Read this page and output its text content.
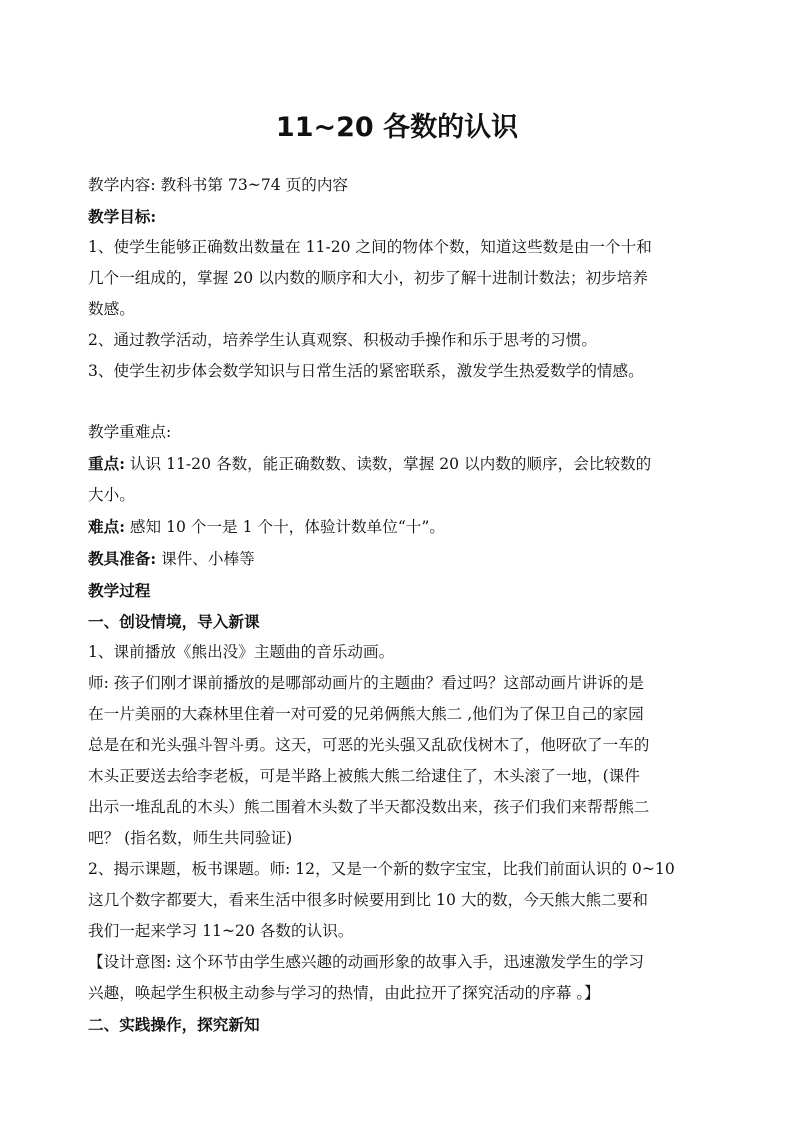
11~20 各数的认识
教学内容: 教科书第 73~74 页的内容
教学目标:
1、使学生能够正确数出数量在 11-20 之间的物体个数，知道这些数是由一个十和
几个一组成的，掌握 20 以内数的顺序和大小，初步了解十进制计数法；初步培养
数感。
2、通过教学活动，培养学生认真观察、积极动手操作和乐于思考的习惯。
3、使学生初步体会数学知识与日常生活的紧密联系，激发学生热爱数学的情感。
教学重难点:
重点: 认识 11-20 各数，能正确数数、读数，掌握 20 以内数的顺序，会比较数的
大小。
难点: 感知 10 个一是 1 个十，体验计数单位“十”。
教具准备: 课件、小棒等
教学过程
一、创设情境，导入新课
1、课前播放《熊出没》主题曲的音乐动画。
师: 孩子们刚才课前播放的是哪部动画片的主题曲？看过吗？这部动画片讲诉的是
在一片美丽的大森林里住着一对可爱的兄弟俩熊大熊二 ,他们为了保卫自己的家园
总是在和光头强斗智斗勇。这天，可恶的光头强又乱砍伐树木了，他呀砍了一车的
木头正要送去给李老板，可是半路上被熊大熊二给逮住了，木头滚了一地，(课件
出示一堆乱乱的木头）熊二围着木头数了半天都没数出来，孩子们我们来帮帮熊二
吧？ (指名数，师生共同验证)
2、揭示课题，板书课题。师: 12，又是一个新的数字宝宝，比我们前面认识的 0~10
这几个数字都要大，看来生活中很多时候要用到比 10 大的数，今天熊大熊二要和
我们一起来学习 11~20 各数的认识。
【设计意图: 这个环节由学生感兴趣的动画形象的故事入手，迅速激发学生的学习
兴趣，唤起学生积极主动参与学习的热情，由此拉开了探究活动的序幕 。】
二、实践操作，探究新知
